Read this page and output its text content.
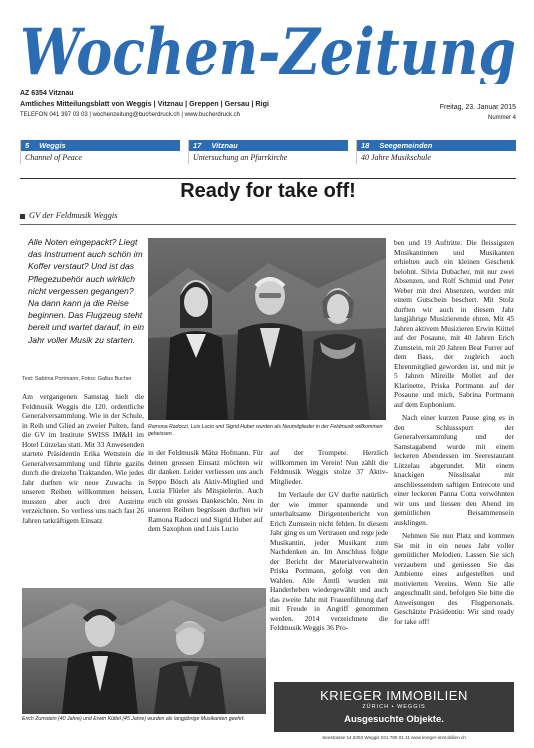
Wochen-Zeitung
AZ 6354 Vitznau
Amtliches Mitteilungsblatt von Weggis | Vitznau | Greppen | Gersau | Rigi
TELEFON 041 397 03 03 | wochenzeitung@bucherdruck.ch | www.bucherdruck.ch
Freitag, 23. Januar 2015
Nummer 4
5 Weggis
Channel of Peace
17 Vitznau
Untersuchung an Pfarrkirche
18 Seegemeinden
40 Jahre Musikschule
Ready for take off!
GV der Feldmusik Weggis
Alle Noten eingepackt? Liegt das Instrument auch schön im Koffer verstaut? Und ist das Pflegezubehör auch wirklich nicht vergessen gegangen? Na dann kann ja die Reise beginnen. Das Flugzeug steht bereit und wartet darauf, in ein Jahr voller Musik zu starten.
Text: Sabrina Portmann, Fotos: Gallus Bucher
Ramona Radoczi, Luis Lucio und Sigrid Huber wurden als Neumitglieder in der Feldmusik willkommen geheissen.

Am vergangenen Samstag hielt die Feldmusik Weggis die 120. ordentliche Generalversammlung. Wie in der Schule, in Reih und Glied an zweier Pulten, fand die GV im Institute SWISS IM&H im Hotel Lützelau statt. Mit 33 Anwesenden startete Präsidentin Erika Wettstein die Generalversammlung und führte gaziös durch die dreizehn Traktanden. Wie jedes Jahr durften wir neue Zuwachs in unseren Reihen willkommen heissen, mussten aber auch drei Austritte verzeichnen. So verliess uns nach fast 26 Jahren tatkräftigem Einsatz

in der Feldmusik Mänz Hofmann. Für deinen grossen Einsatz möchten wir dir danken. Leider verliessen uns auch Seppo Bösch als Aktiv-Mitglied und Luzia Flüeler als Mitspielerin. Auch euch ein grosses Dankeschön. Neu in unseren Reihen begrüssen durften wir Ramona Radoczi und Sigrid Huber auf dem Saxophon und Luis Lucio

auf der Trompete. Herzlich willkommen im Verein! Nun zählt die Feldmusik Weggis stolze 37 Aktiv-Mitglieder.

Im Verlaufe der GV durfte natürlich der wie immer spannende und unterhaltsame Dirigentenbericht von Erich Zumstein nicht fehlen. In diesem Jahr ging es um Vertrauen und rege jede Musikantin, jeder Musikant zum Nachdenken an. Im Anschluss folgte der Bericht der Materialverwalterin Priska Portmann, gefolgt von den Wahlen. Alle Ämtli wurden mit Handerheben wiedergewählt und auch das zweite Jahr mit Frauenführung darf mit Freude in Angriff genommen werden. 2014 verzeichnete die Feldmusik Weggis 36 Pro-

ben und 19 Auftritte. Die fleissigsten Musikantinnen und Musikanten erhielten auch ein kleinen Geschenk belohnt. Silvia Dubacher, mit nur zwei Absenzen, und Rolf Schmid und Peter Weber mit drei Absenzen, wurden mit einem Gutschein beschert. Mit Stolz durften wir auch in diesem Jahr langjährige Musizierende ehren. Mit 45 Jahren aktivem Musizieren Erwin Küttel auf der Posaune, mit 40 Jahren Erich Zumstein, mit 20 Jahren Beat Furrer auf dem Bass, der zugleich auch Ehrenmitglied geworden ist, und mit je 5 Jahren Mireille Mollet auf der Klarinette, Priska Portmann auf der Posaune und mich, Sabrina Portmann auf dem Euphonium.

Nach einer kurzen Pause ging es in den Schlussspurt der Generalversammlung und der Samstagabend wurde mit einem leckeren Abendessen im Seerestaurant Lützelau abgerundet. Mit einem knackigen Nüsslisalat mit anschliessendem saftigen Entrecote und einer leckeren Panna Cotta verwöhnten wir uns und liessen den Abend im gemütlichen Beisammensein ausklingen.

Nehmen Sie nun Platz und kommen Sie mit in ein neues Jahr voller gemütlicher Melodien. Lassen Sie sich verzaubern und geniessen Sie das Ambiente eines aufgestellten und motivierten Vereins. Wenn Sie alle angeschnallt sind, befolgen Sie bitte die Anweisungen des Flugpersonals. Geschätzte Präsidentin: Wir sind ready for take off!

Erich Zumstein (40 Jahre) und Erwin Küttel (45 Jahre) wurden als langjährige Musikanten geehrt.
KRIEGER IMMOBILIEN
ZÜRICH • WEGGIS
Ausgesuchte Objekte.
Seestrasse 14 6353 Weggis 041 780 01 11 www.krieger-immobilien.ch
